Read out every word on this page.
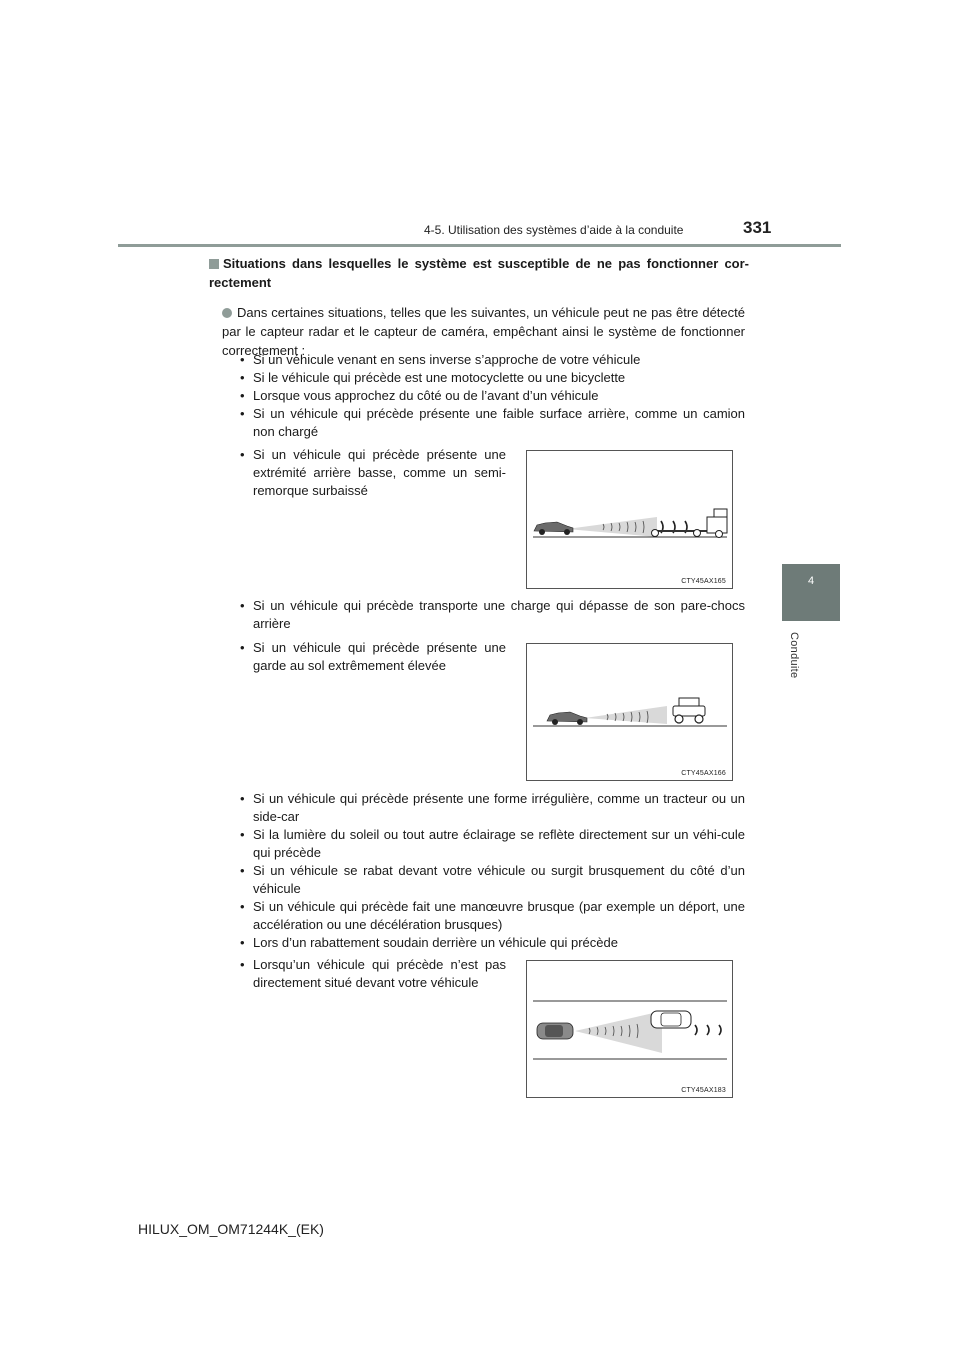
4-5. Utilisation des systèmes d’aide à la conduite	331
4
Conduite
Situations dans lesquelles le système est susceptible de ne pas fonctionner cor-rectement
Dans certaines situations, telles que les suivantes, un véhicule peut ne pas être détecté par le capteur radar et le capteur de caméra, empêchant ainsi le système de fonctionner correctement :
• Si un véhicule venant en sens inverse s’approche de votre véhicule
• Si le véhicule qui précède est une motocyclette ou une bicyclette
• Lorsque vous approchez du côté ou de l’avant d’un véhicule
• Si un véhicule qui précède présente une faible surface arrière, comme un camion non chargé
• Si un véhicule qui précède présente une extrémité arrière basse, comme un semi-remorque surbaissé
CTY45AX165
• Si un véhicule qui précède transporte une charge qui dépasse de son pare-chocs arrière
• Si un véhicule qui précède présente une garde au sol extrêmement élevée
CTY45AX166
• Si un véhicule qui précède présente une forme irrégulière, comme un tracteur ou un side-car
• Si la lumière du soleil ou tout autre éclairage se reflète directement sur un véhi-cule qui précède
• Si un véhicule se rabat devant votre véhicule ou surgit brusquement du côté d’un véhicule
• Si un véhicule qui précède fait une manœuvre brusque (par exemple un déport, une accélération ou une décélération brusques)
• Lors d’un rabattement soudain derrière un véhicule qui précède
• Lorsqu’un véhicule qui précède n’est pas directement situé devant votre véhicule
CTY45AX183
HILUX_OM_OM71244K_(EK)
